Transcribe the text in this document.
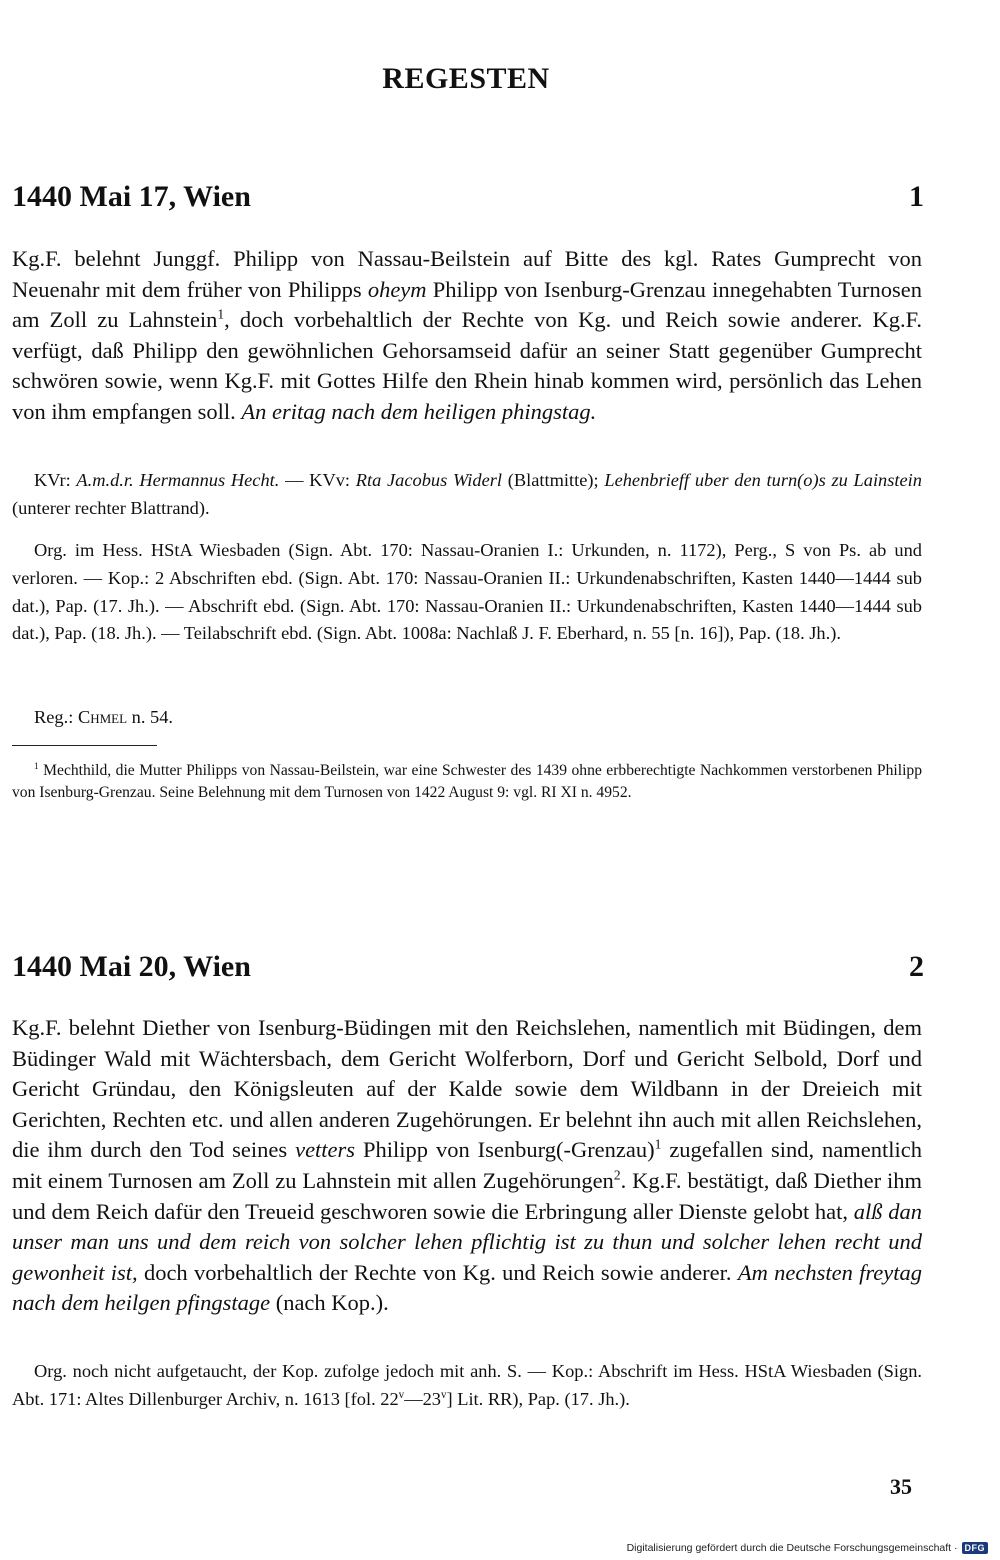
REGESTEN
1440 Mai 17, Wien	1
Kg.F. belehnt Junggf. Philipp von Nassau-Beilstein auf Bitte des kgl. Rates Gumprecht von Neuenahr mit dem früher von Philipps oheym Philipp von Isenburg-Grenzau innegehabten Turnosen am Zoll zu Lahnstein$^1$, doch vorbehaltlich der Rechte von Kg. und Reich sowie anderer. Kg.F. verfügt, daß Philipp den gewöhnlichen Gehorsamseid dafür an seiner Statt gegenüber Gumprecht schwören sowie, wenn Kg.F. mit Gottes Hilfe den Rhein hinab kommen wird, persönlich das Lehen von ihm empfangen soll. An eritag nach dem heiligen phingstag.
KVr: A.m.d.r. Hermannus Hecht. — KVv: Rta Jacobus Widerl (Blattmitte); Lehenbrieff uber den turn(o)s zu Lainstein (unterer rechter Blattrand).
Org. im Hess. HStA Wiesbaden (Sign. Abt. 170: Nassau-Oranien I.: Urkunden, n. 1172), Perg., S von Ps. ab und verloren. — Kop.: 2 Abschriften ebd. (Sign. Abt. 170: Nassau-Oranien II.: Urkundenabschriften, Kasten 1440—1444 sub dat.), Pap. (17. Jh.). — Abschrift ebd. (Sign. Abt. 170: Nassau-Oranien II.: Urkundenabschriften, Kasten 1440—1444 sub dat.), Pap. (18. Jh.). — Teilabschrift ebd. (Sign. Abt. 1008a: Nachlaß J. F. Eberhard, n. 55 [n. 16]), Pap. (18. Jh.).
Reg.: Chmel n. 54.
$^1$ Mechthild, die Mutter Philipps von Nassau-Beilstein, war eine Schwester des 1439 ohne erbberechtigte Nachkommen verstorbenen Philipp von Isenburg-Grenzau. Seine Belehnung mit dem Turnosen von 1422 August 9: vgl. RI XI n. 4952.
1440 Mai 20, Wien	2
Kg.F. belehnt Diether von Isenburg-Büdingen mit den Reichslehen, namentlich mit Büdingen, dem Büdinger Wald mit Wächtersbach, dem Gericht Wolferborn, Dorf und Gericht Selbold, Dorf und Gericht Gründau, den Königsleuten auf der Kalde sowie dem Wildbann in der Dreieich mit Gerichten, Rechten etc. und allen anderen Zugehörungen. Er belehnt ihn auch mit allen Reichslehen, die ihm durch den Tod seines vetters Philipp von Isenburg(-Grenzau)$^1$ zugefallen sind, namentlich mit einem Turnosen am Zoll zu Lahnstein mit allen Zugehörungen$^2$. Kg.F. bestätigt, daß Diether ihm und dem Reich dafür den Treueid geschworen sowie die Erbringung aller Dienste gelobt hat, alß dan unser man uns und dem reich von solcher lehen pflichtig ist zu thun und solcher lehen recht und gewonheit ist, doch vorbehaltlich der Rechte von Kg. und Reich sowie anderer. Am nechsten freytag nach dem heilgen pfingstage (nach Kop.).
Org. noch nicht aufgetaucht, der Kop. zufolge jedoch mit anh. S. — Kop.: Abschrift im Hess. HStA Wiesbaden (Sign. Abt. 171: Altes Dillenburger Archiv, n. 1613 [fol. 22$^v$—23$^v$] Lit. RR), Pap. (17. Jh.).
35
Digitalisierung gefördert durch die Deutsche Forschungsgemeinschaft · DFG
